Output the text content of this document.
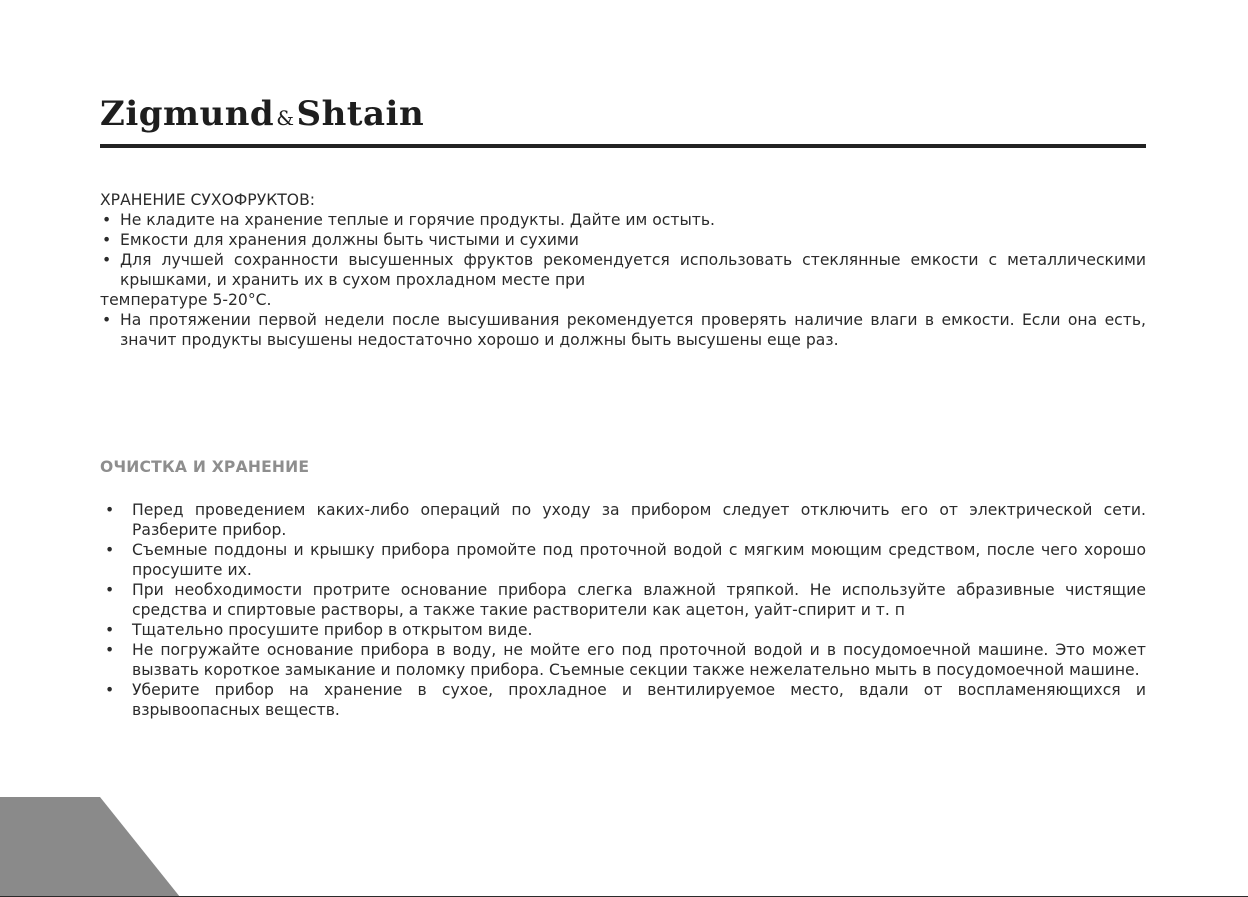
Zigmund &Shtain

ХРАНЕНИЕ СУХОФРУКТОВ:

• Не кладите на хранение теплые и горячие продукты. Дайте им остыть.
• Емкости для хранения должны быть чистыми и сухими
• Для лучшей сохранности высушенных фруктов рекомендуется использовать стеклянные емкости с металлическими крышками, и хранить их в сухом прохладном месте при

температуре 5-20°С.

• На протяжении первой недели после высушивания рекомендуется проверять наличие влаги в емкости. Если она есть, значит продукты высушены недостаточно хорошо и должны быть высушены еще раз.
ОЧИСТКА И ХРАНЕНИЕ
• Перед проведением каких-либо операций по уходу за прибором следует отключить его от электрической сети. Разберите прибор.
• Съемные поддоны и крышку прибора промойте под проточной водой с мягким моющим средством, после чего хорошо просушите их.
• При необходимости протрите основание прибора слегка влажной тряпкой. Не используйте абразивные чистящие средства и спиртовые растворы, а также такие растворители как ацетон, уайт-спирит и т. п
• Тщательно просушите прибор в открытом виде.
• Не погружайте основание прибора в воду, не мойте его под проточной водой и в посудомоечной машине. Это может вызвать короткое замыкание и поломку прибора. Съемные секции также нежелательно мыть в посудомоечной машине.
• Уберите прибор на хранение в сухое, прохладное и вентилируемое место, вдали от воспламеняющихся и взрывоопасных веществ.
